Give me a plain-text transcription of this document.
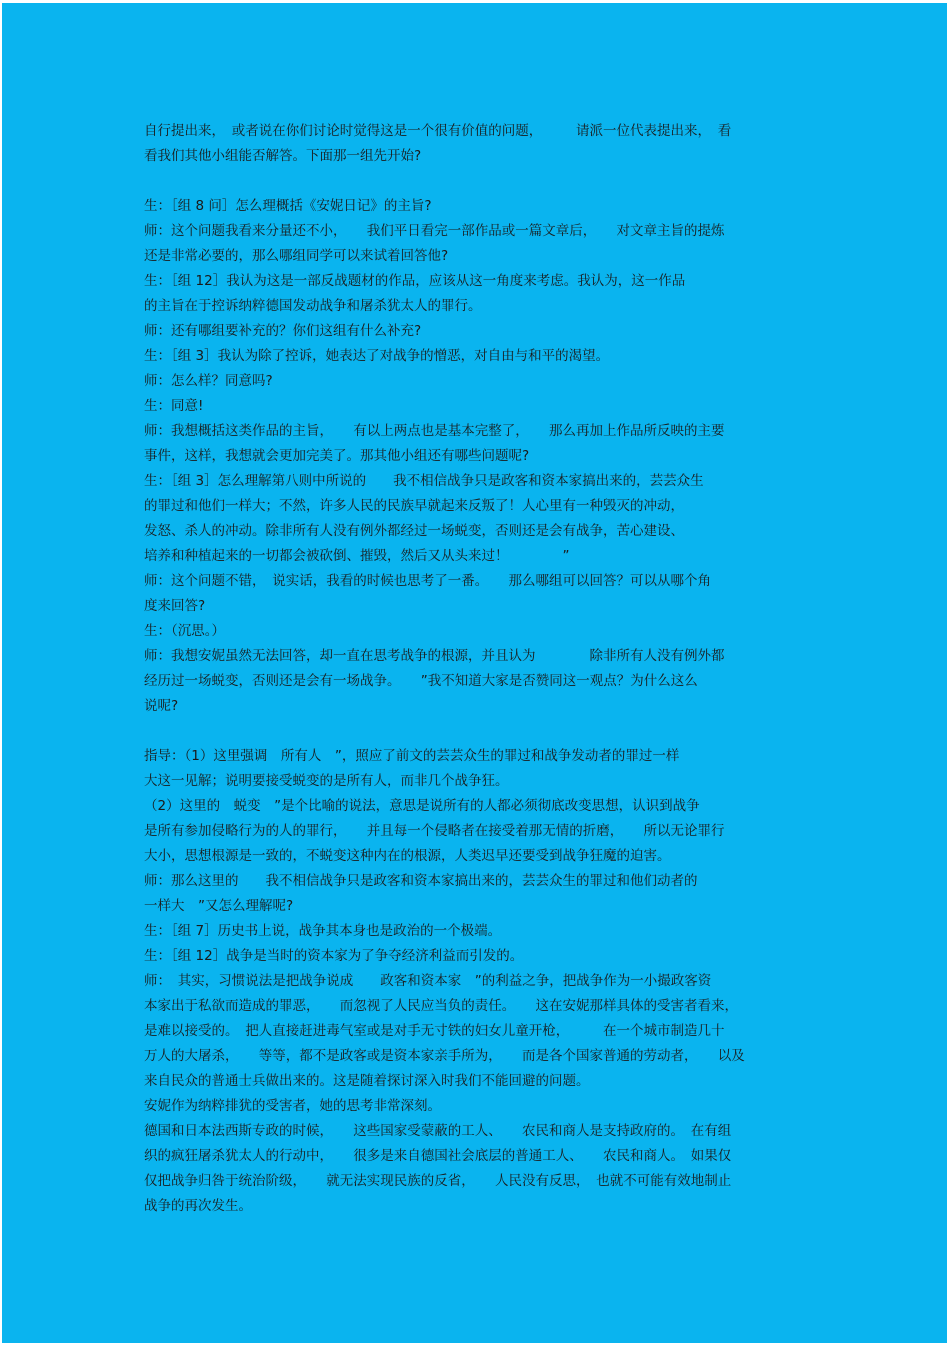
自行提出来，　或者说在你们讨论时觉得这是一个很有价值的问题，　　　请派一位代表提出来，　看
看我们其他小组能否解答。下面那一组先开始?
生：［组 8 问］怎么理概括《安妮日记》的主旨?
师：这个问题我看来分量还不小，　　我们平日看完一部作品或一篇文章后，　　对文章主旨的提炼
还是非常必要的，那么哪组同学可以来试着回答他?
生：［组 12］我认为这是一部反战题材的作品，应该从这一角度来考虑。我认为，这一作品
的主旨在于控诉纳粹德国发动战争和屠杀犹太人的罪行。
师：还有哪组要补充的？你们这组有什么补充?
生：［组 3］我认为除了控诉，她表达了对战争的憎恶，对自由与和平的渴望。
师：怎么样？同意吗?
生：同意!
师：我想概括这类作品的主旨，　　有以上两点也是基本完整了，　　那么再加上作品所反映的主要
事件，这样，我想就会更加完美了。那其他小组还有哪些问题呢?
生：［组 3］怎么理解第八则中所说的　　我不相信战争只是政客和资本家搞出来的，芸芸众生
的罪过和他们一样大；不然，许多人民的民族早就起来反叛了！人心里有一种毁灭的冲动，
发怒、杀人的冲动。除非所有人没有例外都经过一场蜕变，否则还是会有战争，苦心建设、
培养和种植起来的一切都会被砍倒、摧毁，然后又从头来过！　　　　”
师：这个问题不错，　说实话，我看的时候也思考了一番。　　那么哪组可以回答？可以从哪个角
度来回答?
生：（沉思。）
师：我想安妮虽然无法回答，却一直在思考战争的根源，并且认为　　　　除非所有人没有例外都
经历过一场蜕变，否则还是会有一场战争。　　”我不知道大家是否赞同这一观点？为什么这么
说呢?
指导：（1）这里强调　所有人　”，照应了前文的芸芸众生的罪过和战争发动者的罪过一样
大这一见解；说明要接受蜕变的是所有人，而非几个战争狂。
（2）这里的　蜕变　”是个比喻的说法，意思是说所有的人都必须彻底改变思想，认识到战争
是所有参加侵略行为的人的罪行，　　并且每一个侵略者在接受着那无情的折磨，　　所以无论罪行
大小，思想根源是一致的，不蜕变这种内在的根源，人类迟早还要受到战争狂魔的迫害。
师：那么这里的　　我不相信战争只是政客和资本家搞出来的，芸芸众生的罪过和他们动者的
一样大　”又怎么理解呢?
生：［组 7］历史书上说，战争其本身也是政治的一个极端。
生：［组 12］战争是当时的资本家为了争夺经济利益而引发的。
师：　其实，习惯说法是把战争说成　　政客和资本家　”的利益之争，把战争作为一小撮政客资
本家出于私欲而造成的罪恶，　　而忽视了人民应当负的责任。　　这在安妮那样具体的受害者看来，
是难以接受的。　把人直接赶进毒气室或是对手无寸铁的妇女儿童开枪，　　　在一个城市制造几十
万人的大屠杀，　　等等，都不是政客或是资本家亲手所为，　　而是各个国家普通的劳动者，　　以及
来自民众的普通士兵做出来的。这是随着探讨深入时我们不能回避的问题。
安妮作为纳粹排犹的受害者，她的思考非常深刻。
德国和日本法西斯专政的时候，　　这些国家受蒙蔽的工人、　　农民和商人是支持政府的。　在有组
织的疯狂屠杀犹太人的行动中，　　很多是来自德国社会底层的普通工人、　　农民和商人。　如果仅
仅把战争归咎于统治阶级，　　就无法实现民族的反省，　　人民没有反思，　也就不可能有效地制止
战争的再次发生。
